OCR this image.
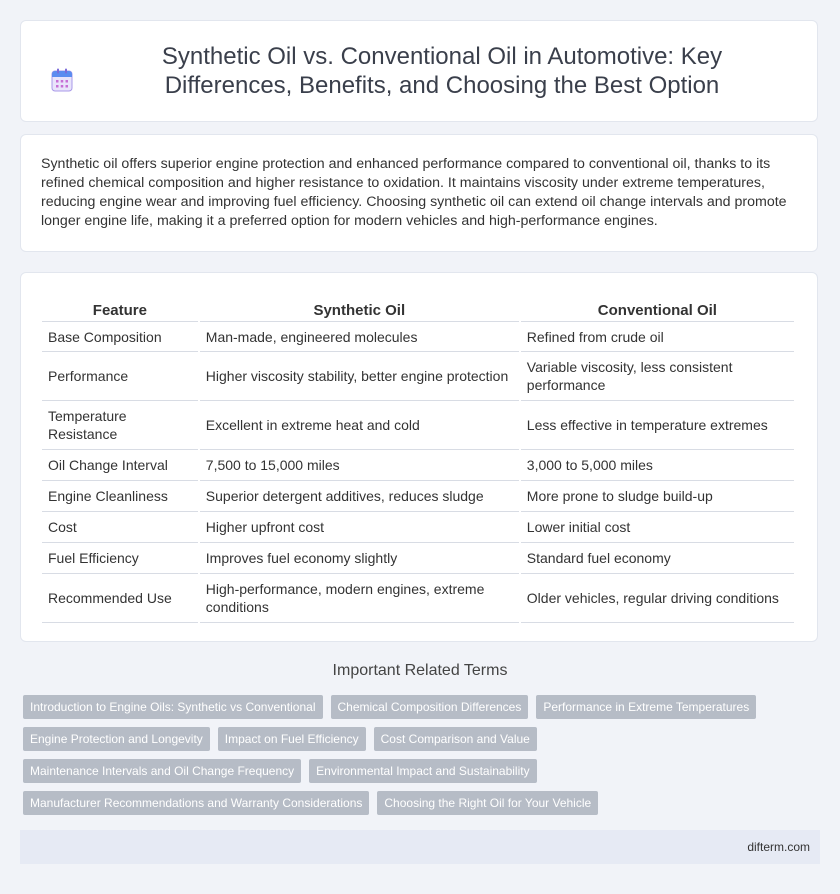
Synthetic Oil vs. Conventional Oil in Automotive: Key Differences, Benefits, and Choosing the Best Option

Synthetic oil offers superior engine protection and enhanced performance compared to conventional oil, thanks to its refined chemical composition and higher resistance to oxidation. It maintains viscosity under extreme temperatures, reducing engine wear and improving fuel efficiency. Choosing synthetic oil can extend oil change intervals and promote longer engine life, making it a preferred option for modern vehicles and high-performance engines.

Feature	Synthetic Oil	Conventional Oil
Base Composition	Man-made, engineered molecules	Refined from crude oil
Performance	Higher viscosity stability, better engine protection	Variable viscosity, less consistent performance
Temperature Resistance	Excellent in extreme heat and cold	Less effective in temperature extremes
Oil Change Interval	7,500 to 15,000 miles	3,000 to 5,000 miles
Engine Cleanliness	Superior detergent additives, reduces sludge	More prone to sludge build-up
Cost	Higher upfront cost	Lower initial cost
Fuel Efficiency	Improves fuel economy slightly	Standard fuel economy
Recommended Use	High-performance, modern engines, extreme conditions	Older vehicles, regular driving conditions
Important Related Terms
Introduction to Engine Oils: Synthetic vs Conventional	Chemical Composition Differences	Performance in Extreme Temperatures
Engine Protection and Longevity	Impact on Fuel Efficiency	Cost Comparison and Value
Maintenance Intervals and Oil Change Frequency	Environmental Impact and Sustainability
Manufacturer Recommendations and Warranty Considerations	Choosing the Right Oil for Your Vehicle
difterm.com
